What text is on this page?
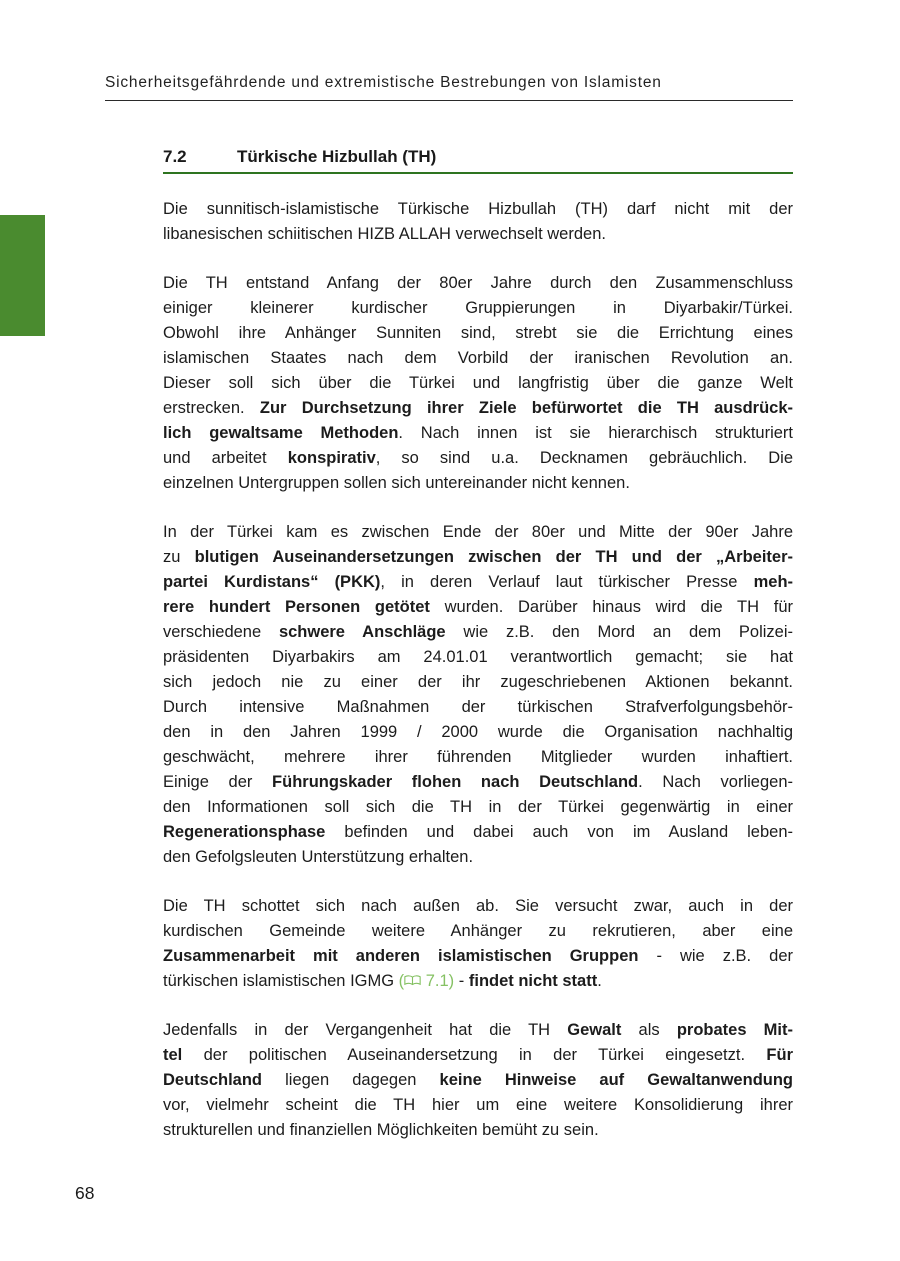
Sicherheitsgefährdende und extremistische Bestrebungen von Islamisten
7.2	Türkische Hizbullah (TH)
Die sunnitisch-islamistische Türkische Hizbullah (TH) darf nicht mit der
libanesischen schiitischen HIZB ALLAH verwechselt werden.
Die TH entstand Anfang der 80er Jahre durch den Zusammenschluss
einiger kleinerer kurdischer Gruppierungen in Diyarbakir/Türkei.
Obwohl ihre Anhänger Sunniten sind, strebt sie die Errichtung eines
islamischen Staates nach dem Vorbild der iranischen Revolution an.
Dieser soll sich über die Türkei und langfristig über die ganze Welt
erstrecken. Zur Durchsetzung ihrer Ziele befürwortet die TH ausdrück-
lich gewaltsame Methoden. Nach innen ist sie hierarchisch strukturiert
und arbeitet konspirativ, so sind u.a. Decknamen gebräuchlich. Die
einzelnen Untergruppen sollen sich untereinander nicht kennen.
In der Türkei kam es zwischen Ende der 80er und Mitte der 90er Jahre
zu blutigen Auseinandersetzungen zwischen der TH und der „Arbeiter-
partei Kurdistans“ (PKK), in deren Verlauf laut türkischer Presse meh-
rere hundert Personen getötet wurden. Darüber hinaus wird die TH für
verschiedene schwere Anschläge wie z.B. den Mord an dem Polizei-
präsidenten Diyarbakirs am 24.01.01 verantwortlich gemacht; sie hat
sich jedoch nie zu einer der ihr zugeschriebenen Aktionen bekannt.
Durch intensive Maßnahmen der türkischen Strafverfolgungsbehör-
den in den Jahren 1999 / 2000 wurde die Organisation nachhaltig
geschwächt, mehrere ihrer führenden Mitglieder wurden inhaftiert.
Einige der Führungskader flohen nach Deutschland. Nach vorliegen-
den Informationen soll sich die TH in der Türkei gegenwärtig in einer
Regenerationsphase befinden und dabei auch von im Ausland leben-
den Gefolgsleuten Unterstützung erhalten.
Die TH schottet sich nach außen ab. Sie versucht zwar, auch in der
kurdischen Gemeinde weitere Anhänger zu rekrutieren, aber eine
Zusammenarbeit mit anderen islamistischen Gruppen - wie z.B. der
türkischen islamistischen IGMG ( 7.1) - findet nicht statt.
Jedenfalls in der Vergangenheit hat die TH Gewalt als probates Mit-
tel der politischen Auseinandersetzung in der Türkei eingesetzt. Für
Deutschland liegen dagegen keine Hinweise auf Gewaltanwendung
vor, vielmehr scheint die TH hier um eine weitere Konsolidierung ihrer
strukturellen und finanziellen Möglichkeiten bemüht zu sein.
68
